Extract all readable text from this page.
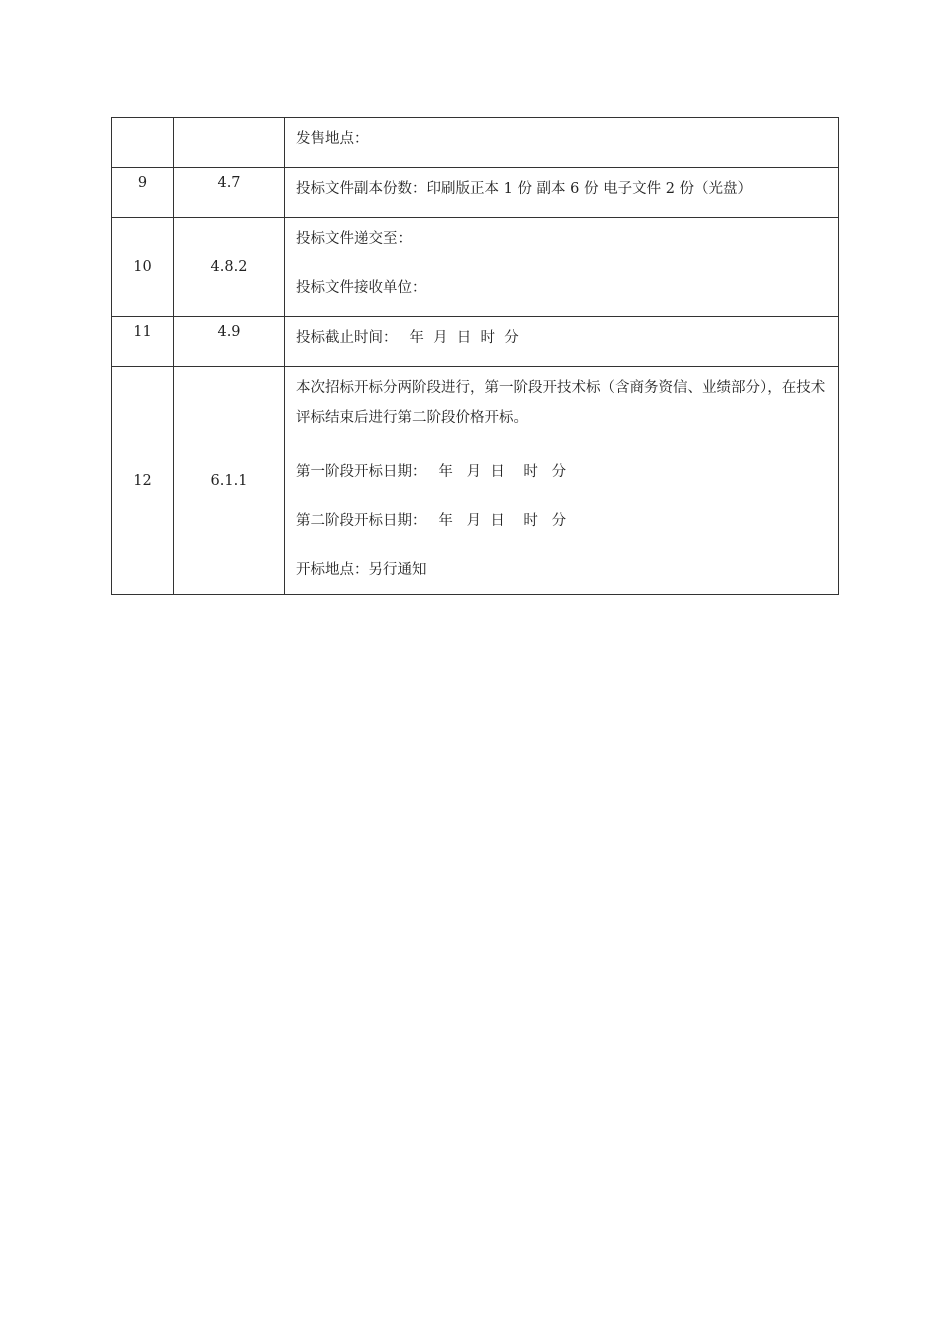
		发售地点：

9	4.7	投标文件副本份数：印刷版正本 1 份 副本 6 份 电子文件 2 份（光盘）

10	4.8.2	投标文件递交至：

投标文件接收单位：

11	4.9	投标截止时间：　 年  月  日  时  分

12	6.1.1	本次招标开标分两阶段进行，第一阶段开技术标（含商务资信、业绩部分），在技术评标结束后进行第二阶段价格开标。

第一阶段开标日期：　 年   月  日    时   分

第二阶段开标日期：　 年   月  日    时   分

开标地点：另行通知
